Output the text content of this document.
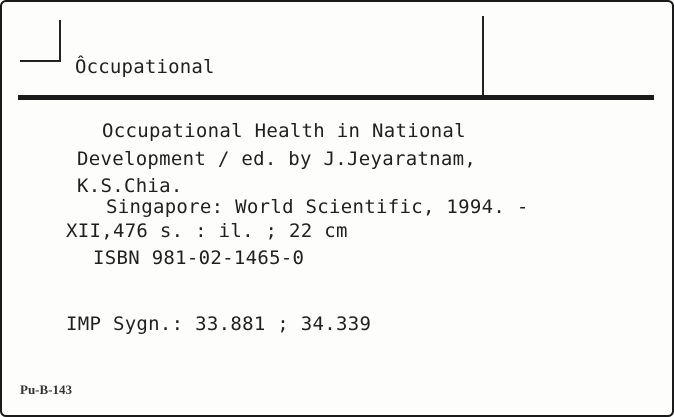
Ôccupational
Occupational Health in National
Development / ed. by J.Jeyaratnam,
K.S.Chia.
Singapore: World Scientific, 1994. -
XII,476 s. : il. ; 22 cm
ISBN 981-02-1465-0
IMP Sygn.: 33.881 ; 34.339
Pu-B-143
